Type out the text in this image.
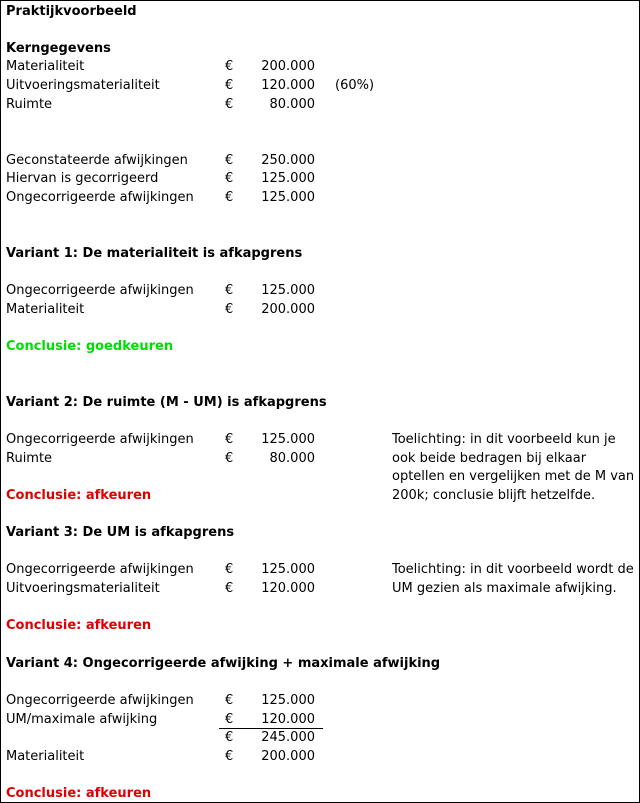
Praktijkvoorbeeld
Kerngegevens
Materialiteit	€	200.000
Uitvoeringsmaterialiteit	€	120.000 (60%)
Ruimte	€	80.000
Geconstateerde afwijkingen	€	250.000
Hiervan is gecorrigeerd	€	125.000
Ongecorrigeerde afwijkingen €	125.000
Variant 1: De materialiteit is afkapgrens
Ongecorrigeerde afwijkingen €	125.000
Materialiteit	€	200.000
Conclusie: goedkeuren
Variant 2: De ruimte (M - UM) is afkapgrens
Ongecorrigeerde afwijkingen €	125.000
Ruimte	€	80.000
Toelichting: in dit voorbeeld kun je ook beide bedragen bij elkaar optellen en vergelijken met de M van 200k; conclusie blijft hetzelfde.
Conclusie: afkeuren
Variant 3: De UM is afkapgrens
Ongecorrigeerde afwijkingen €	125.000
Uitvoeringsmaterialiteit	€	120.000
Toelichting: in dit voorbeeld wordt de UM gezien als maximale afwijking.
Conclusie: afkeuren
Variant 4: Ongecorrigeerde afwijking + maximale afwijking
Ongecorrigeerde afwijkingen €	125.000
UM/maximale afwijking	€	120.000
€	245.000
Materialiteit	€	200.000
Conclusie: afkeuren
